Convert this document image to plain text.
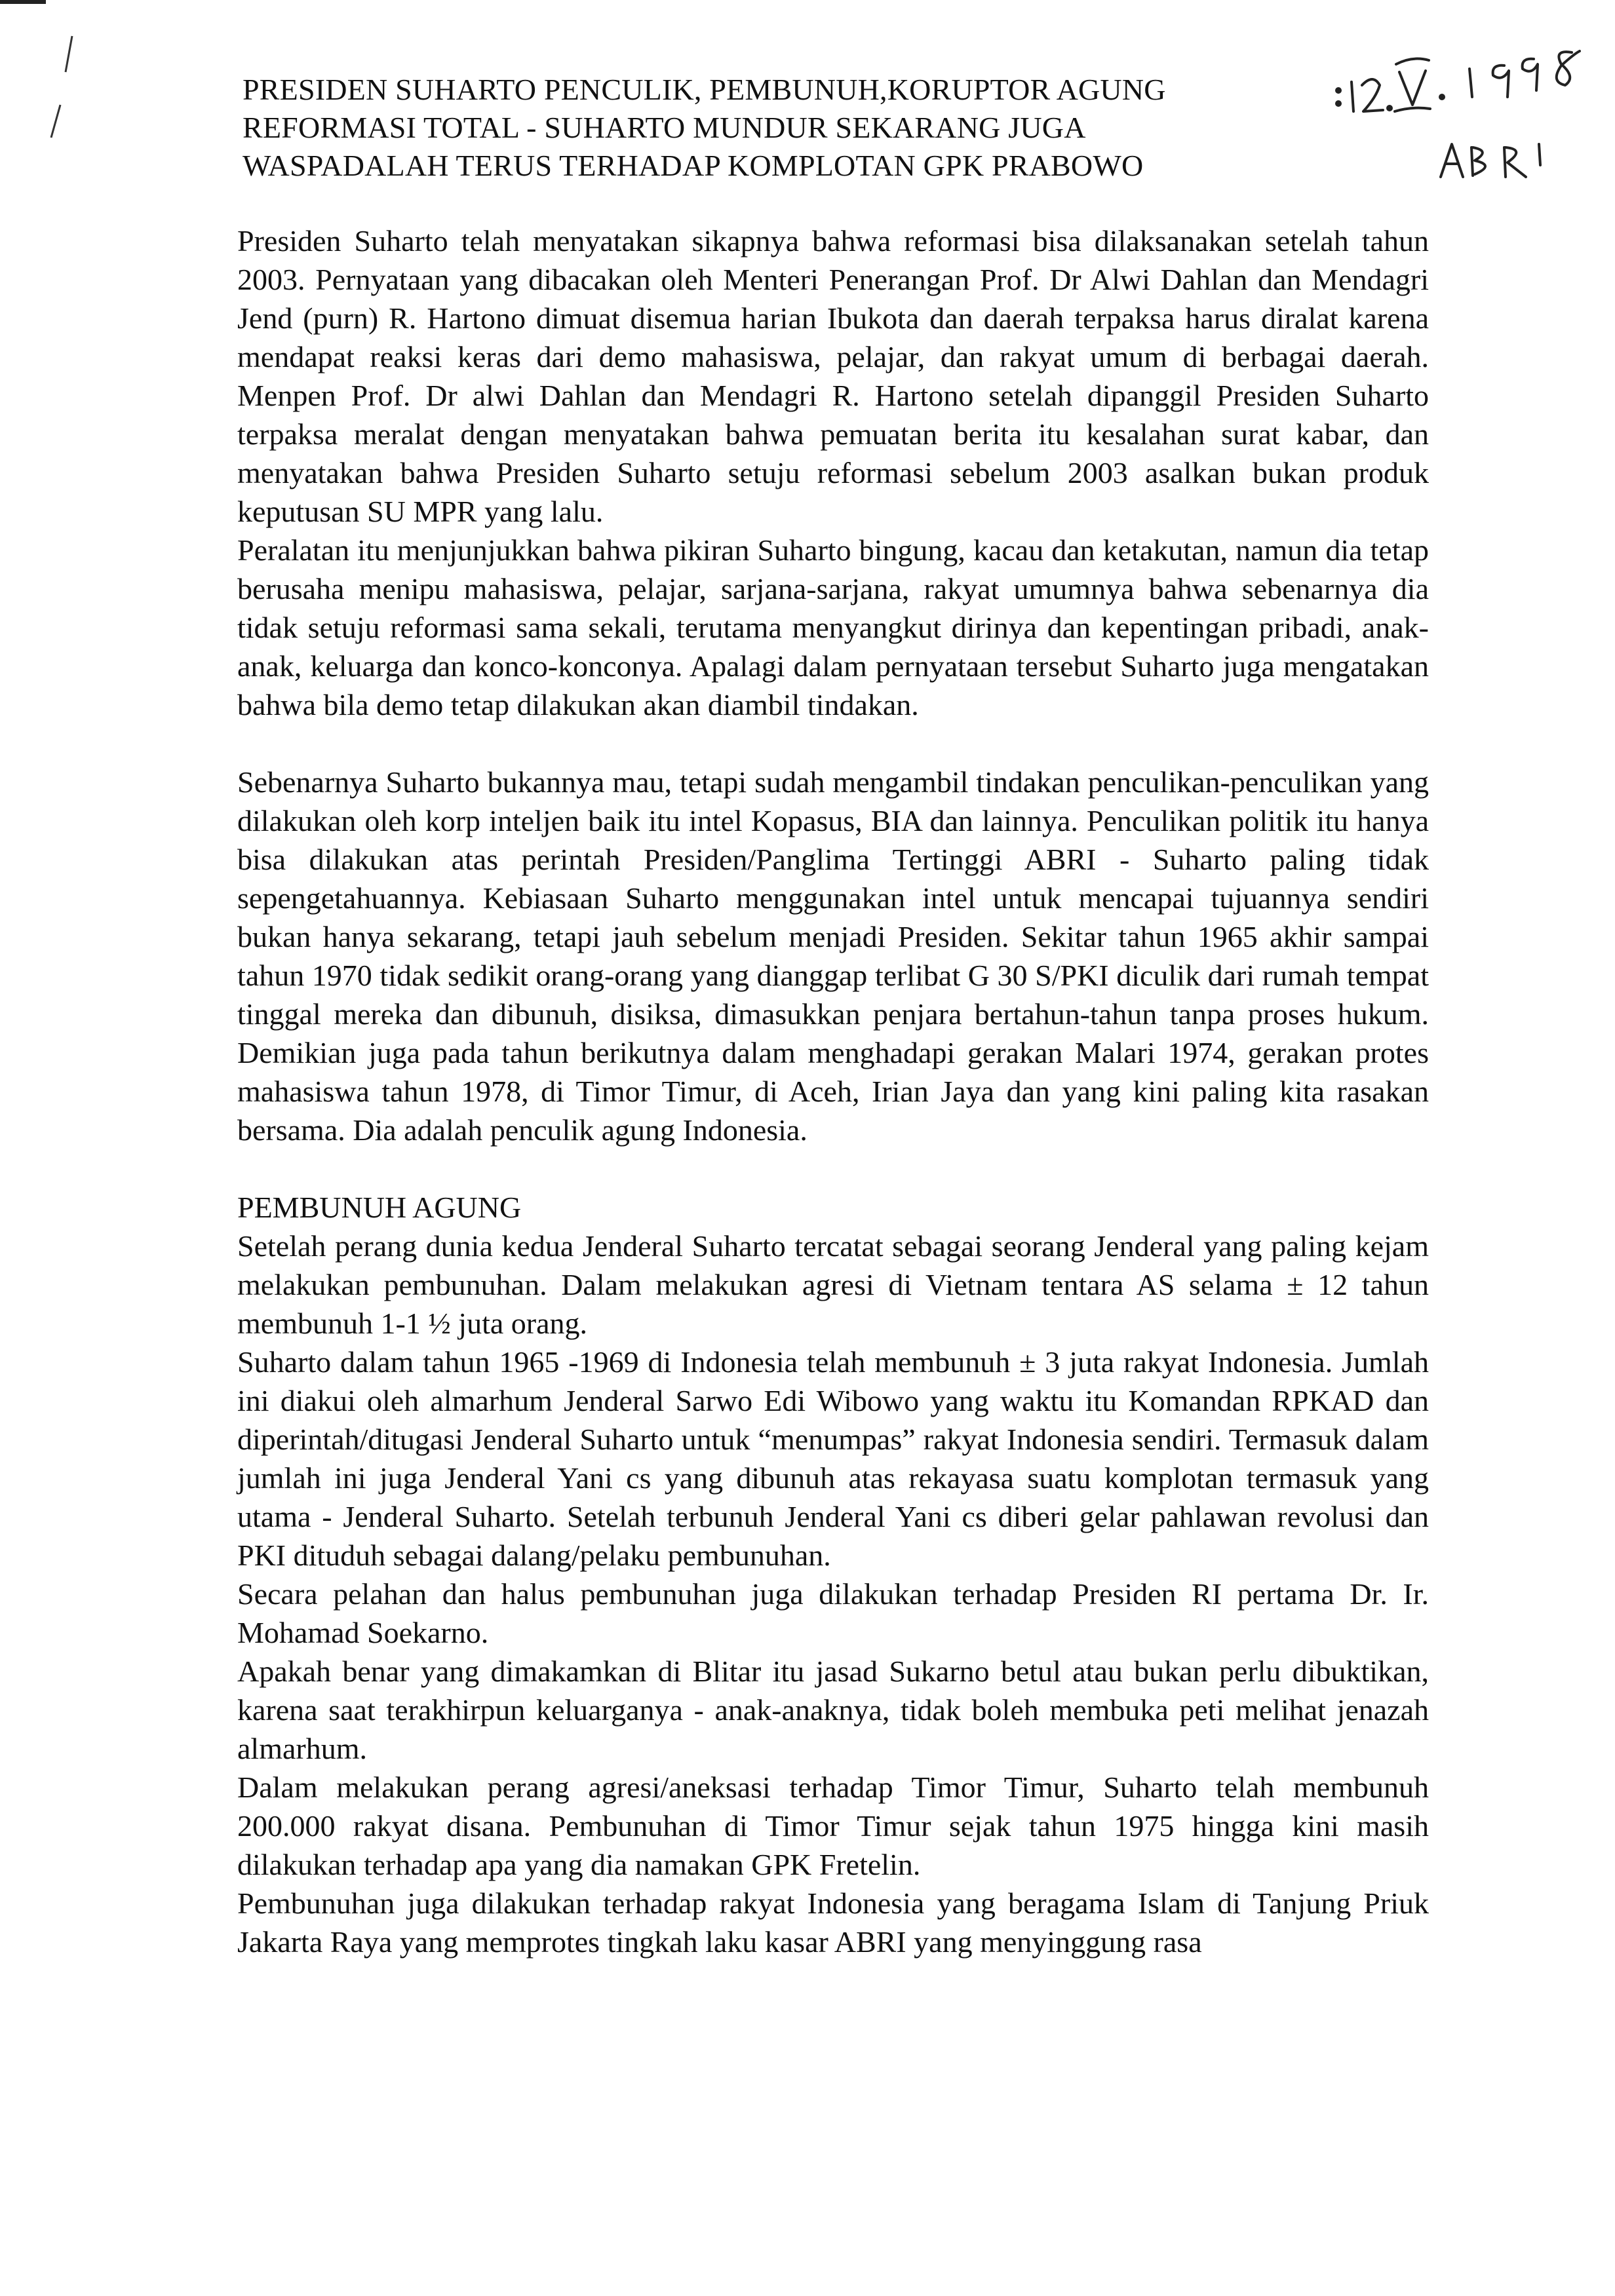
PRESIDEN SUHARTO PENCULIK, PEMBUNUH,KORUPTOR AGUNG
REFORMASI TOTAL - SUHARTO MUNDUR SEKARANG JUGA
WASPADALAH TERUS TERHADAP KOMPLOTAN GPK PRABOWO

Presiden Suharto telah menyatakan sikapnya bahwa reformasi bisa dilaksanakan setelah tahun 2003. Pernyataan yang dibacakan oleh Menteri Penerangan Prof. Dr Alwi Dahlan dan Mendagri Jend (purn) R. Hartono dimuat disemua harian Ibukota dan daerah terpaksa harus diralat karena mendapat reaksi keras dari demo mahasiswa, pelajar, dan rakyat umum di berbagai daerah. Menpen Prof. Dr alwi Dahlan dan Mendagri R. Hartono setelah dipanggil Presiden Suharto terpaksa meralat dengan menyatakan bahwa pemuatan berita itu kesalahan surat kabar, dan menyatakan bahwa Presiden Suharto setuju reformasi sebelum 2003 asalkan bukan produk keputusan SU MPR yang lalu.

Peralatan itu menjunjukkan bahwa pikiran Suharto bingung, kacau dan ketakutan, namun dia tetap berusaha menipu mahasiswa, pelajar, sarjana-sarjana, rakyat umumnya bahwa sebenarnya dia tidak setuju reformasi sama sekali, terutama menyangkut dirinya dan kepentingan pribadi, anak-anak, keluarga dan konco-konconya. Apalagi dalam pernyataan tersebut Suharto juga mengatakan bahwa bila demo tetap dilakukan akan diambil tindakan.

Sebenarnya Suharto bukannya mau, tetapi sudah mengambil tindakan penculikan-penculikan yang dilakukan oleh korp inteljen baik itu intel Kopasus, BIA dan lainnya. Penculikan politik itu hanya bisa dilakukan atas perintah Presiden/Panglima Tertinggi ABRI - Suharto paling tidak sepengetahuannya. Kebiasaan Suharto menggunakan intel untuk mencapai tujuannya sendiri bukan hanya sekarang, tetapi jauh sebelum menjadi Presiden. Sekitar tahun 1965 akhir sampai tahun 1970 tidak sedikit orang-orang yang dianggap terlibat G 30 S/PKI diculik dari rumah tempat tinggal mereka dan dibunuh, disiksa, dimasukkan penjara bertahun-tahun tanpa proses hukum. Demikian juga pada tahun berikutnya dalam menghadapi gerakan Malari 1974, gerakan protes mahasiswa tahun 1978, di Timor Timur, di Aceh, Irian Jaya dan yang kini paling kita rasakan bersama. Dia adalah penculik agung Indonesia.

PEMBUNUH AGUNG

Setelah perang dunia kedua Jenderal Suharto tercatat sebagai seorang Jenderal yang paling kejam melakukan pembunuhan. Dalam melakukan agresi di Vietnam tentara AS selama ± 12 tahun membunuh 1-1 ½ juta orang.

Suharto dalam tahun 1965 -1969 di Indonesia telah membunuh ± 3 juta rakyat Indonesia. Jumlah ini diakui oleh almarhum Jenderal Sarwo Edi Wibowo yang waktu itu Komandan RPKAD dan diperintah/ditugasi Jenderal Suharto untuk “menumpas” rakyat Indonesia sendiri. Termasuk dalam jumlah ini juga Jenderal Yani cs yang dibunuh atas rekayasa suatu komplotan termasuk yang utama - Jenderal Suharto. Setelah terbunuh Jenderal Yani cs diberi gelar pahlawan revolusi dan PKI dituduh sebagai dalang/pelaku pembunuhan.

Secara pelahan dan halus pembunuhan juga dilakukan terhadap Presiden RI pertama Dr. Ir. Mohamad Soekarno.

Apakah benar yang dimakamkan di Blitar itu jasad Sukarno betul atau bukan perlu dibuktikan, karena saat terakhirpun keluarganya - anak-anaknya, tidak boleh membuka peti melihat jenazah almarhum.

Dalam melakukan perang agresi/aneksasi terhadap Timor Timur, Suharto telah membunuh 200.000 rakyat disana. Pembunuhan di Timor Timur sejak tahun 1975 hingga kini masih dilakukan terhadap apa yang dia namakan GPK Fretelin.

Pembunuhan juga dilakukan terhadap rakyat Indonesia yang beragama Islam di Tanjung Priuk Jakarta Raya yang memprotes tingkah laku kasar ABRI yang menyinggung rasa
